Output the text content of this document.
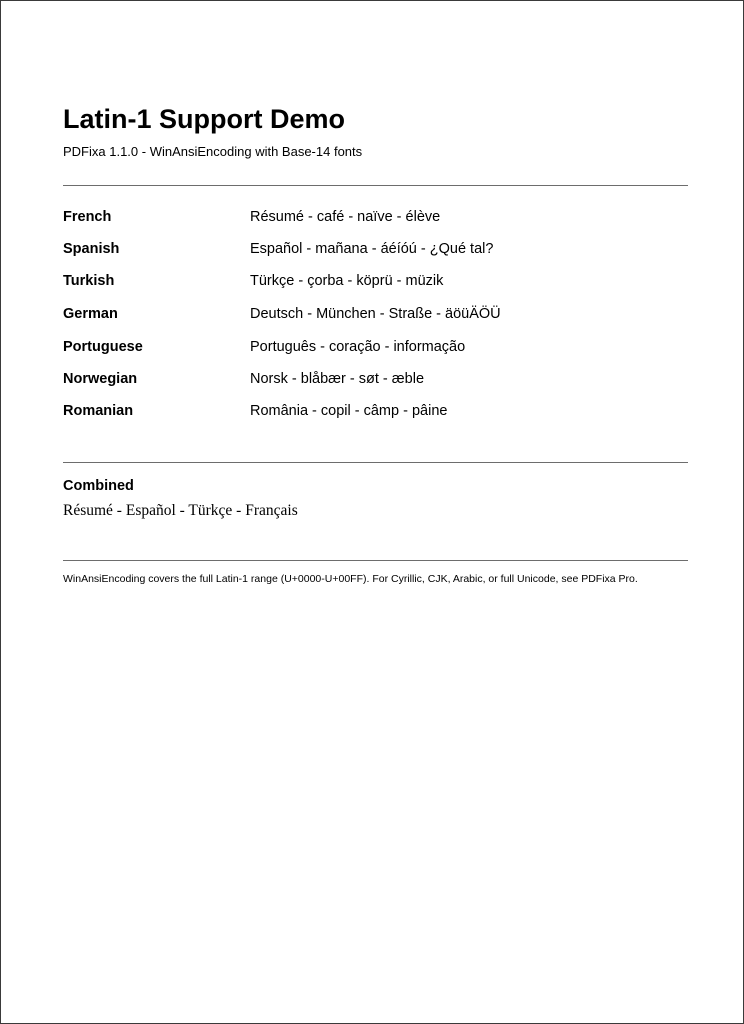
Latin-1 Support Demo
PDFixa 1.1.0 - WinAnsiEncoding with Base-14 fonts
French	Résumé - café - naïve - élève
Spanish	Español - mañana - áéíóú - ¿Qué tal?
Turkish	Türkçe - çorba - köprü - müzik
German	Deutsch - München - Straße - äöüÄÖÜ
Portuguese	Português - coração - informação
Norwegian	Norsk - blåbær - søt - æble
Romanian	România - copil - câmp - pâine
Combined
Résumé - Español - Türkçe - Français
WinAnsiEncoding covers the full Latin-1 range (U+0000-U+00FF). For Cyrillic, CJK, Arabic, or full Unicode, see PDFixa Pro.
